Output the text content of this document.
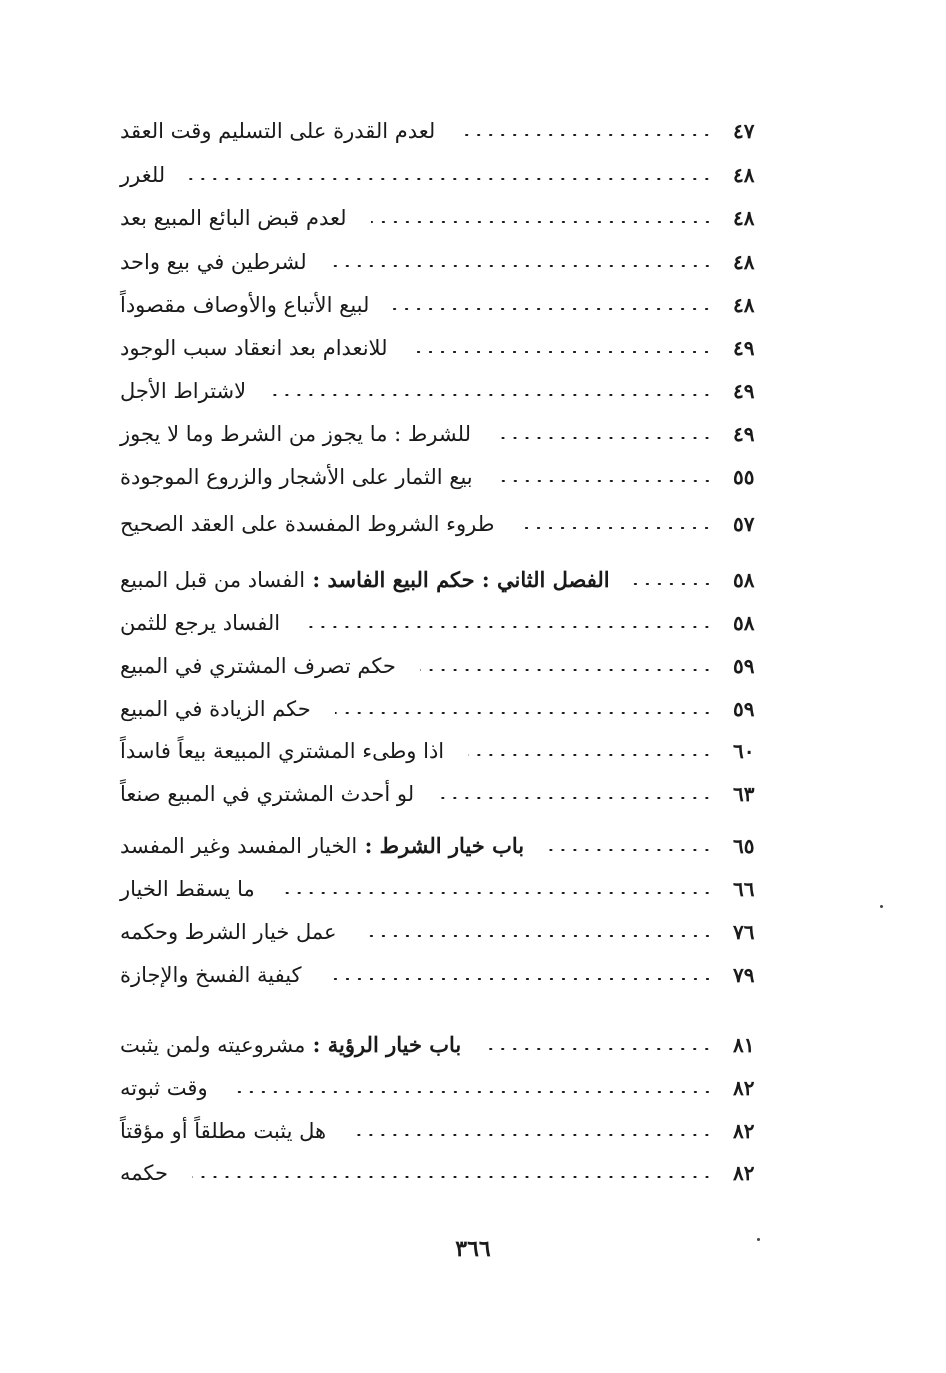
لعدم القدرة على التسليم وقت العقد	٤٧
للغرر	٤٨
لعدم قبض البائع المبيع بعد	٤٨
لشرطين في بيع واحد	٤٨
لبيع الأتباع والأوصاف مقصوداً	٤٨
للانعدام بعد انعقاد سبب الوجود	٤٩
لاشتراط الأجل	٤٩
للشرط : ما يجوز من الشرط وما لا يجوز	٤٩
بيع الثمار على الأشجار والزروع الموجودة	٥٥
طروء الشروط المفسدة على العقد الصحيح	٥٧
الفصل الثاني : حكم البيع الفاسد : الفساد من قبل المبيع	٥٨
الفساد يرجع للثمن	٥٨
حكم تصرف المشتري في المبيع	٥٩
حكم الزيادة في المبيع	٥٩
اذا وطىء المشتري المبيعة بيعاً فاسداً	٦٠
لو أحدث المشتري في المبيع صنعاً	٦٣
باب خيار الشرط : الخيار المفسد وغير المفسد	٦٥
ما يسقط الخيار	٦٦
عمل خيار الشرط وحكمه	٧٦
كيفية الفسخ والإجازة	٧٩
باب خيار الرؤية : مشروعيته ولمن يثبت	٨١
وقت ثبوته	٨٢
هل يثبت مطلقاً أو مؤقتاً	٨٢
حكمه	٨٢
٣٦٦
